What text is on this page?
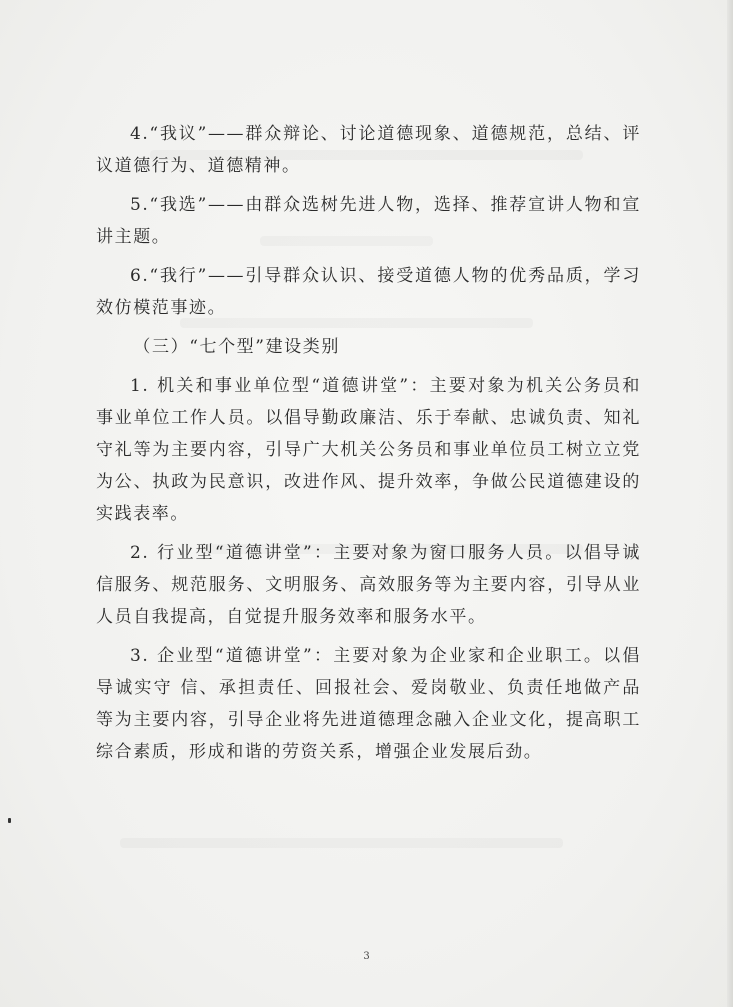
4.“我议”——群众辩论、讨论道德现象、道德规范，总结、评议道德行为、道德精神。

5.“我选”——由群众选树先进人物，选择、推荐宣讲人物和宣讲主题。

6.“我行”——引导群众认识、接受道德人物的优秀品质，学习效仿模范事迹。

（三）“七个型”建设类别

1. 机关和事业单位型“道德讲堂”：主要对象为机关公务员和事业单位工作人员。以倡导勤政廉洁、乐于奉献、忠诚负责、知礼守礼等为主要内容，引导广大机关公务员和事业单位员工树立立党为公、执政为民意识，改进作风、提升效率，争做公民道德建设的实践表率。

2. 行业型“道德讲堂”：主要对象为窗口服务人员。以倡导诚信服务、规范服务、文明服务、高效服务等为主要内容，引导从业人员自我提高，自觉提升服务效率和服务水平。

3. 企业型“道德讲堂”：主要对象为企业家和企业职工。以倡导诚实守 信、承担责任、回报社会、爱岗敬业、负责任地做产品等为主要内容，引导企业将先进道德理念融入企业文化，提高职工综合素质，形成和谐的劳资关系，增强企业发展后劲。

3
